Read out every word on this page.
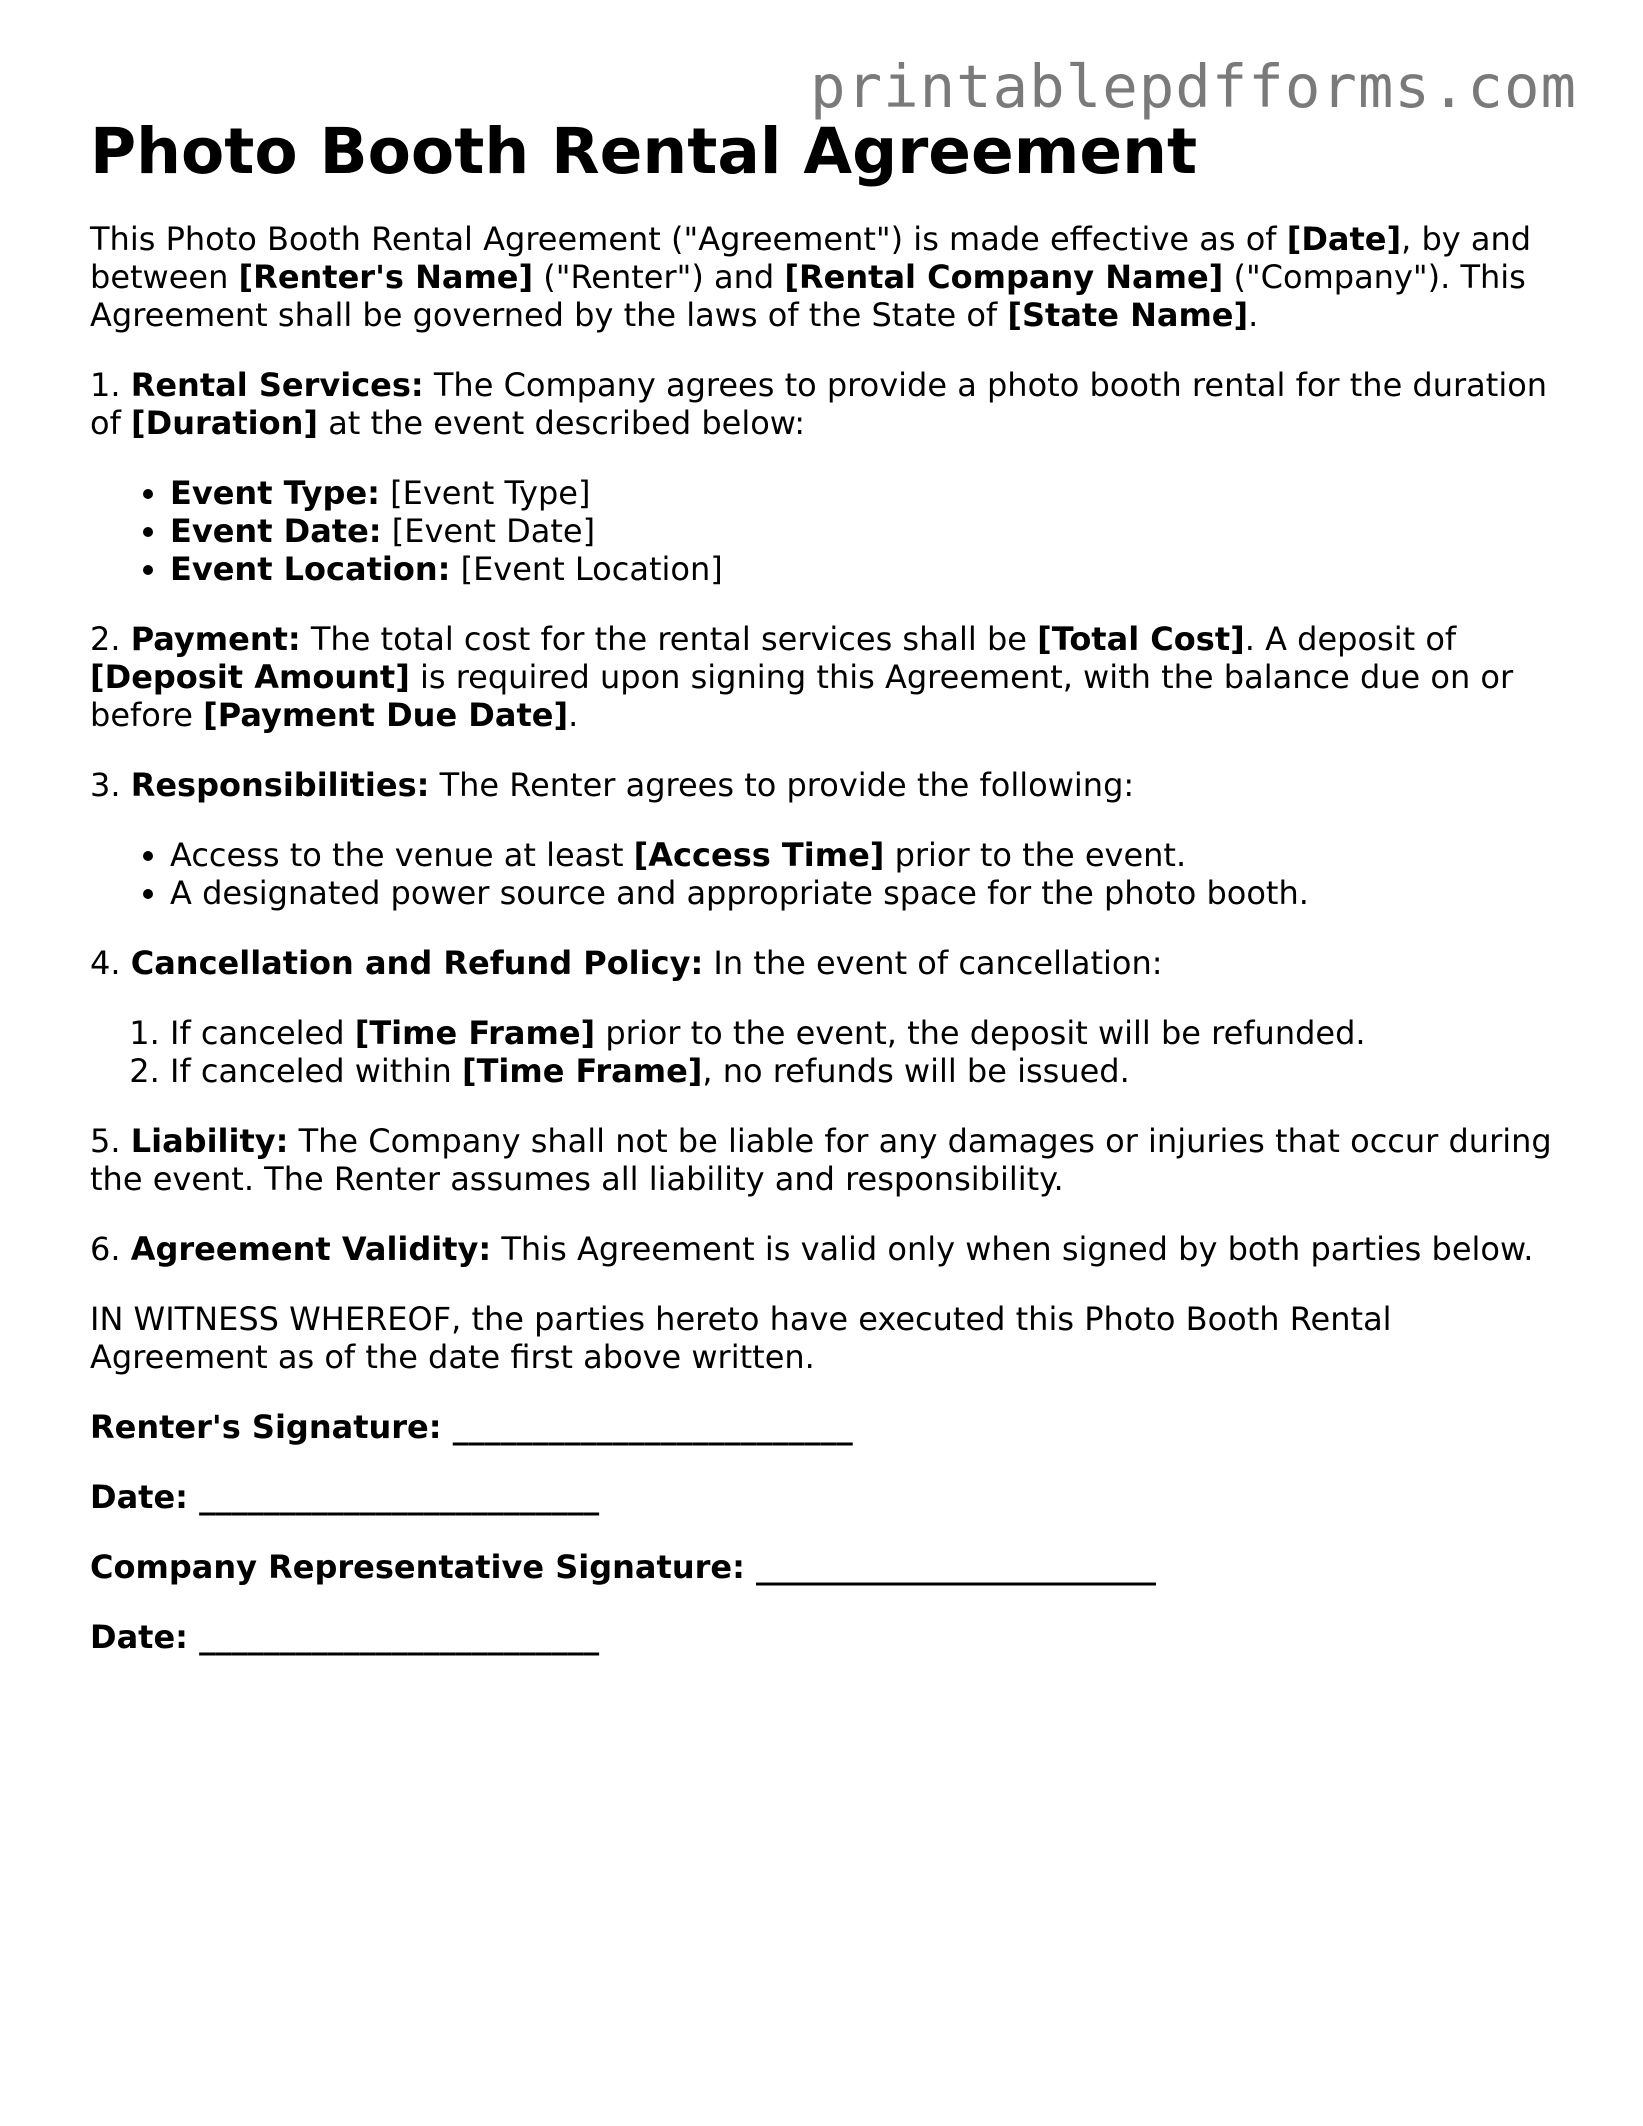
printablepdfforms.com
Photo Booth Rental Agreement

This Photo Booth Rental Agreement ("Agreement") is made effective as of [Date], by and between [Renter's Name] ("Renter") and [Rental Company Name] ("Company"). This Agreement shall be governed by the laws of the State of [State Name].

1. Rental Services: The Company agrees to provide a photo booth rental for the duration of [Duration] at the event described below:

• Event Type: [Event Type]
• Event Date: [Event Date]
• Event Location: [Event Location]

2. Payment: The total cost for the rental services shall be [Total Cost]. A deposit of [Deposit Amount] is required upon signing this Agreement, with the balance due on or before [Payment Due Date].

3. Responsibilities: The Renter agrees to provide the following:

• Access to the venue at least [Access Time] prior to the event.
• A designated power source and appropriate space for the photo booth.

4. Cancellation and Refund Policy: In the event of cancellation:

1. If canceled [Time Frame] prior to the event, the deposit will be refunded.
2. If canceled within [Time Frame], no refunds will be issued.

5. Liability: The Company shall not be liable for any damages or injuries that occur during the event. The Renter assumes all liability and responsibility.

6. Agreement Validity: This Agreement is valid only when signed by both parties below.

IN WITNESS WHEREOF, the parties hereto have executed this Photo Booth Rental Agreement as of the date first above written.

Renter's Signature: _________________________
Date: _________________________
Company Representative Signature: _________________________
Date: _________________________
